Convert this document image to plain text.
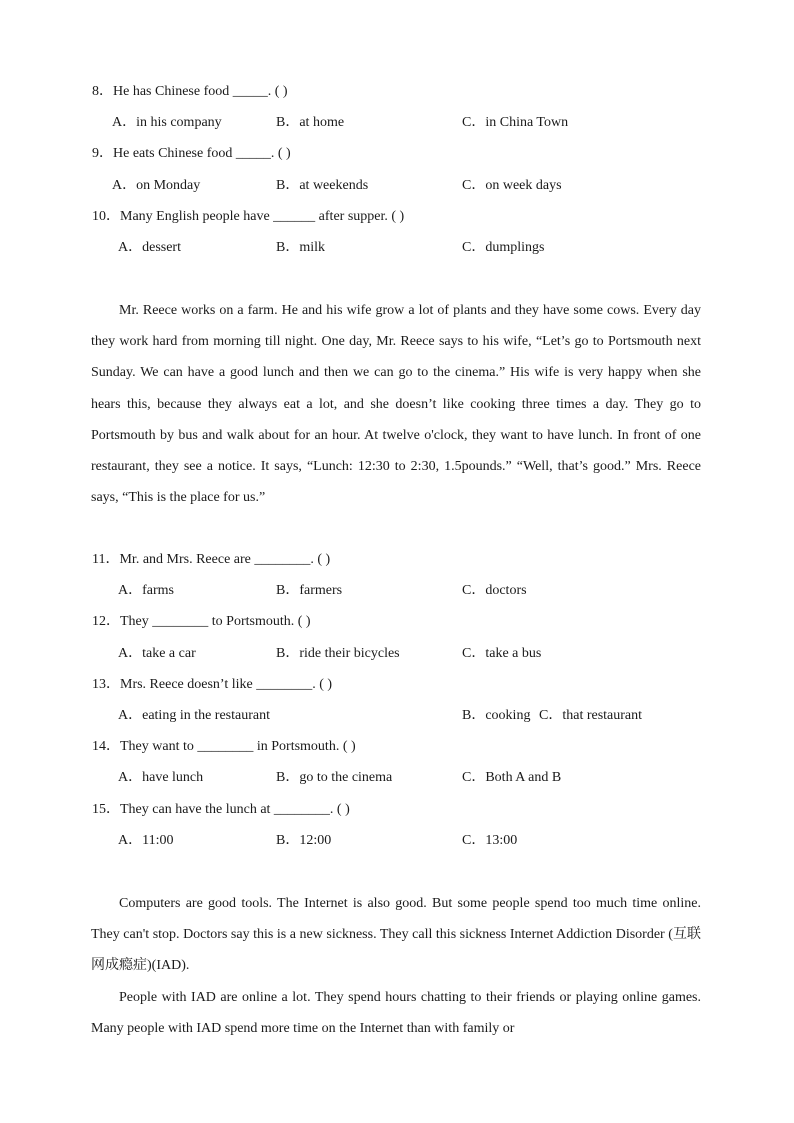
8．He has Chinese food _____. ( )
A．in his company	B．at home	C．in China Town
9．He eats Chinese food _____. ( )
A．on Monday	B．at weekends	C．on week days
10．Many English people have ______ after supper. ( )
A．dessert	B．milk	C．dumplings

Mr. Reece works on a farm. He and his wife grow a lot of plants and they have some cows. Every day they work hard from morning till night. One day, Mr. Reece says to his wife, “Let’s go to Portsmouth next Sunday. We can have a good lunch and then we can go to the cinema.” His wife is very happy when she hears this, because they always eat a lot, and she doesn’t like cooking three times a day. They go to Portsmouth by bus and walk about for an hour. At twelve o'clock, they want to have lunch. In front of one restaurant, they see a notice. It says, “Lunch: 12:30 to 2:30, 1.5pounds.” “Well, that’s good.” Mrs. Reece says, “This is the place for us.”

11．Mr. and Mrs. Reece are ________. ( )
A．farms	B．farmers	C．doctors
12．They ________ to Portsmouth. ( )
A．take a car	B．ride their bicycles	C．take a bus
13．Mrs. Reece doesn’t like ________. ( )
A．eating in the restaurant	B．cooking C．that restaurant
14．They want to ________ in Portsmouth. ( )
A．have lunch	B．go to the cinema	C．Both A and B
15．They can have the lunch at ________. ( )
A．11:00	B．12:00	C．13:00

Computers are good tools. The Internet is also good. But some people spend too much time online. They can't stop. Doctors say this is a new sickness. They call this sickness Internet Addiction Disorder (互联网成瘾症)(IAD).

People with IAD are online a lot. They spend hours chatting to their friends or playing online games. Many people with IAD spend more time on the Internet than with family or
